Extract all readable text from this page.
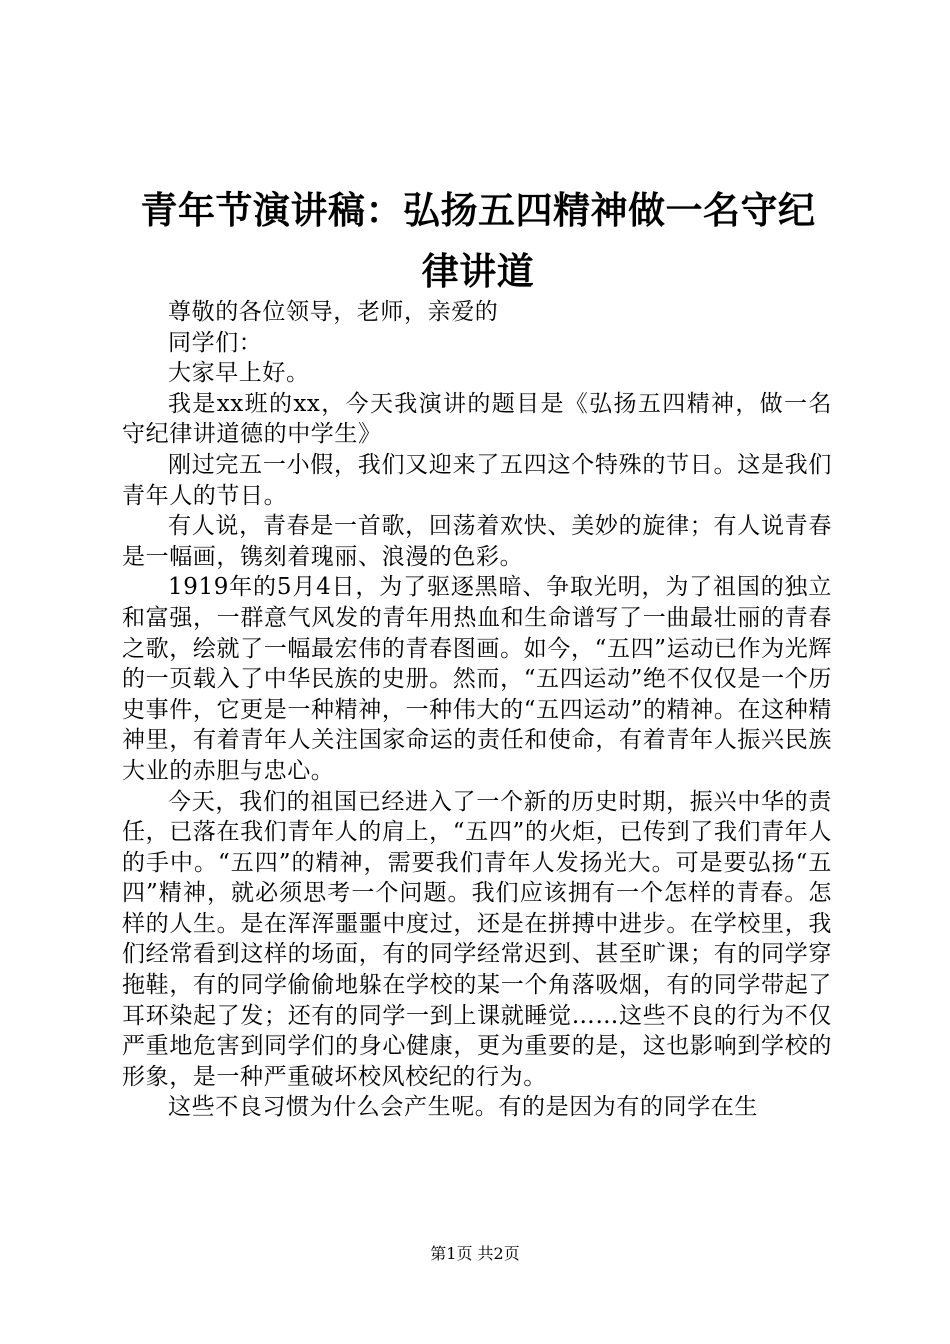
青年节演讲稿：弘扬五四精神做一名守纪律讲道

尊敬的各位领导，老师，亲爱的

同学们：

大家早上好。

我是xx班的xx，今天我演讲的题目是《弘扬五四精神，做一名守纪律讲道德的中学生》

刚过完五一小假，我们又迎来了五四这个特殊的节日。这是我们青年人的节日。

有人说，青春是一首歌，回荡着欢快、美妙的旋律；有人说青春是一幅画，镌刻着瑰丽、浪漫的色彩。

1919年的5月4日，为了驱逐黑暗、争取光明，为了祖国的独立和富强，一群意气风发的青年用热血和生命谱写了一曲最壮丽的青春之歌，绘就了一幅最宏伟的青春图画。如今，“五四”运动已作为光辉的一页载入了中华民族的史册。然而，“五四运动”绝不仅仅是一个历史事件，它更是一种精神，一种伟大的“五四运动”的精神。在这种精神里，有着青年人关注国家命运的责任和使命，有着青年人振兴民族大业的赤胆与忠心。

今天，我们的祖国已经进入了一个新的历史时期，振兴中华的责任，已落在我们青年人的肩上，“五四”的火炬，已传到了我们青年人的手中。“五四”的精神，需要我们青年人发扬光大。可是要弘扬“五四”精神，就必须思考一个问题。我们应该拥有一个怎样的青春。怎样的人生。是在浑浑噩噩中度过，还是在拼搏中进步。在学校里，我们经常看到这样的场面，有的同学经常迟到、甚至旷课；有的同学穿拖鞋，有的同学偷偷地躲在学校的某一个角落吸烟，有的同学带起了耳环染起了发；还有的同学一到上课就睡觉……这些不良的行为不仅严重地危害到同学们的身心健康，更为重要的是，这也影响到学校的形象，是一种严重破坏校风校纪的行为。

这些不良习惯为什么会产生呢。有的是因为有的同学在生

第1页 共2页
